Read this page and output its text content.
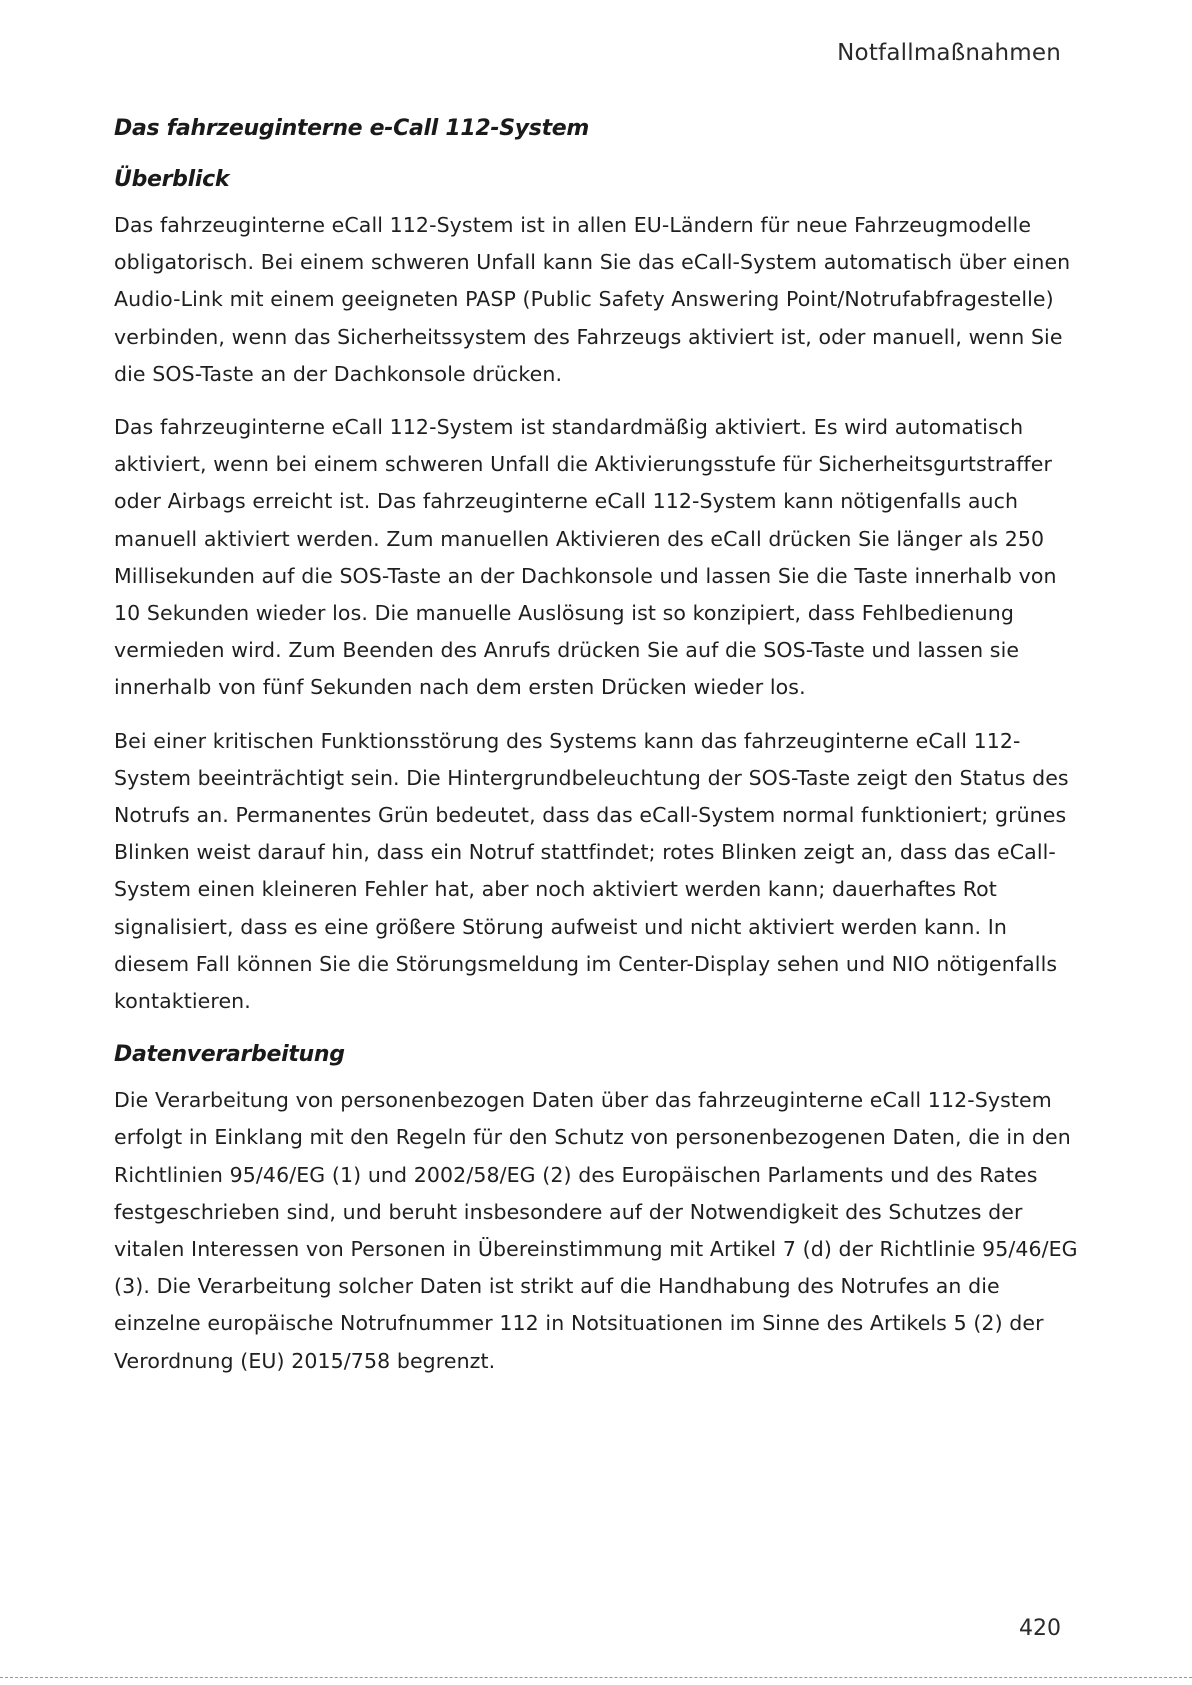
Notfallmaßnahmen
Das fahrzeuginterne e-Call 112-System
Überblick

Das fahrzeuginterne eCall 112-System ist in allen EU-Ländern für neue Fahrzeugmodelle obligatorisch. Bei einem schweren Unfall kann Sie das eCall-System automatisch über einen Audio-Link mit einem geeigneten PASP (Public Safety Answering Point/Notrufabfragestelle) verbinden, wenn das Sicherheitssystem des Fahrzeugs aktiviert ist, oder manuell, wenn Sie die SOS-Taste an der Dachkonsole drücken.

Das fahrzeuginterne eCall 112-System ist standardmäßig aktiviert. Es wird automatisch aktiviert, wenn bei einem schweren Unfall die Aktivierungsstufe für Sicherheitsgurtstraffer oder Airbags erreicht ist. Das fahrzeuginterne eCall 112-System kann nötigenfalls auch manuell aktiviert werden. Zum manuellen Aktivieren des eCall drücken Sie länger als 250 Millisekunden auf die SOS-Taste an der Dachkonsole und lassen Sie die Taste innerhalb von 10 Sekunden wieder los. Die manuelle Auslösung ist so konzipiert, dass Fehlbedienung vermieden wird. Zum Beenden des Anrufs drücken Sie auf die SOS-Taste und lassen sie innerhalb von fünf Sekunden nach dem ersten Drücken wieder los.

Bei einer kritischen Funktionsstörung des Systems kann das fahrzeuginterne eCall 112-System beeinträchtigt sein. Die Hintergrundbeleuchtung der SOS-Taste zeigt den Status des Notrufs an. Permanentes Grün bedeutet, dass das eCall-System normal funktioniert; grünes Blinken weist darauf hin, dass ein Notruf stattfindet; rotes Blinken zeigt an, dass das eCall-System einen kleineren Fehler hat, aber noch aktiviert werden kann; dauerhaftes Rot signalisiert, dass es eine größere Störung aufweist und nicht aktiviert werden kann. In diesem Fall können Sie die Störungsmeldung im Center-Display sehen und NIO nötigenfalls kontaktieren.

Datenverarbeitung

Die Verarbeitung von personenbezogen Daten über das fahrzeuginterne eCall 112-System erfolgt in Einklang mit den Regeln für den Schutz von personenbezogenen Daten, die in den Richtlinien 95/46/EG (1) und 2002/58/EG (2) des Europäischen Parlaments und des Rates festgeschrieben sind, und beruht insbesondere auf der Notwendigkeit des Schutzes der vitalen Interessen von Personen in Übereinstimmung mit Artikel 7 (d) der Richtlinie 95/46/EG (3). Die Verarbeitung solcher Daten ist strikt auf die Handhabung des Notrufes an die einzelne europäische Notrufnummer 112 in Notsituationen im Sinne des Artikels 5 (2) der Verordnung (EU) 2015/758 begrenzt.

420
